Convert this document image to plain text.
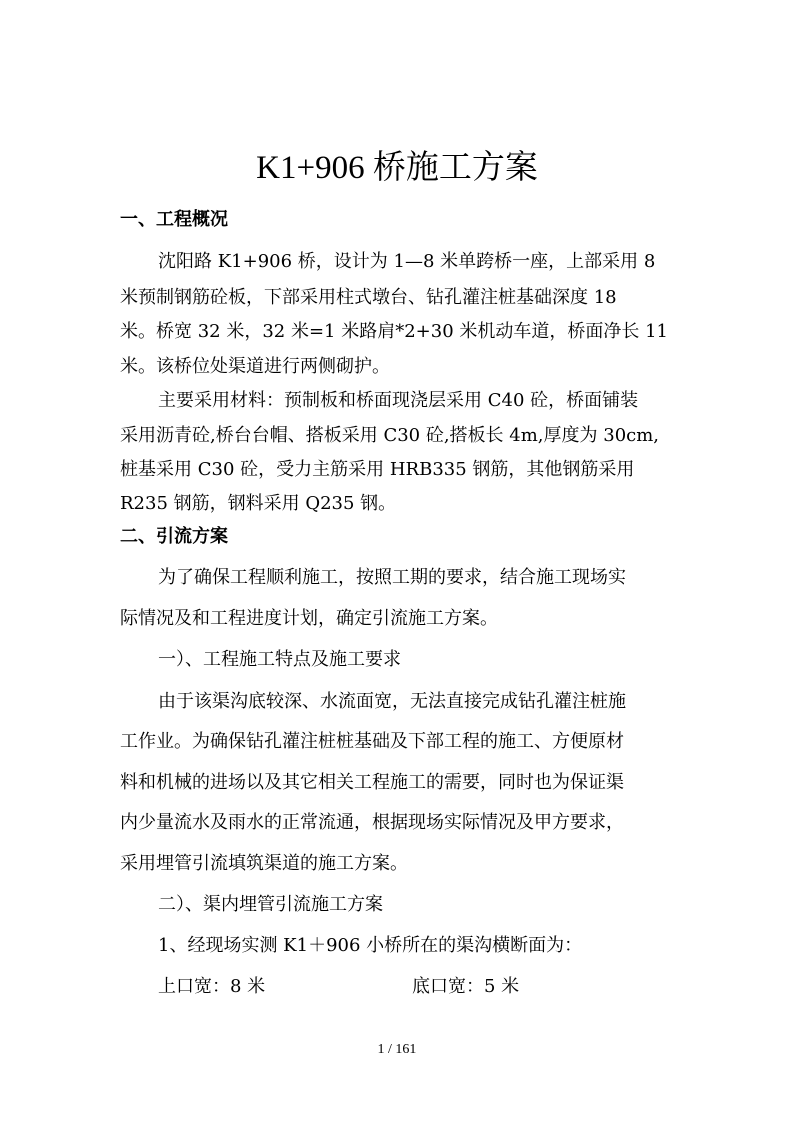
K1+906 桥施工方案
一、工程概况
沈阳路 K1+906 桥，设计为 1—8 米单跨桥一座，上部采用 8
米预制钢筋砼板，下部采用柱式墩台、钻孔灌注桩基础深度 18
米。桥宽 32 米，32 米=1 米路肩*2+30 米机动车道，桥面净长 11
米。该桥位处渠道进行两侧砌护。
主要采用材料：预制板和桥面现浇层采用 C40 砼，桥面铺装
采用沥青砼,桥台台帽、搭板采用 C30 砼,搭板长 4m,厚度为 30cm,
桩基采用 C30 砼，受力主筋采用 HRB335 钢筋，其他钢筋采用
R235 钢筋，钢料采用 Q235 钢。
二、引流方案
为了确保工程顺利施工，按照工期的要求，结合施工现场实
际情况及和工程进度计划，确定引流施工方案。
一）、工程施工特点及施工要求
由于该渠沟底较深、水流面宽，无法直接完成钻孔灌注桩施
工作业。为确保钻孔灌注桩桩基础及下部工程的施工、方便原材
料和机械的进场以及其它相关工程施工的需要，同时也为保证渠
内少量流水及雨水的正常流通，根据现场实际情况及甲方要求，
采用埋管引流填筑渠道的施工方案。
二）、渠内埋管引流施工方案
1、经现场实测 K1＋906 小桥所在的渠沟横断面为：
上口宽：8 米	底口宽：5 米
1 / 161
